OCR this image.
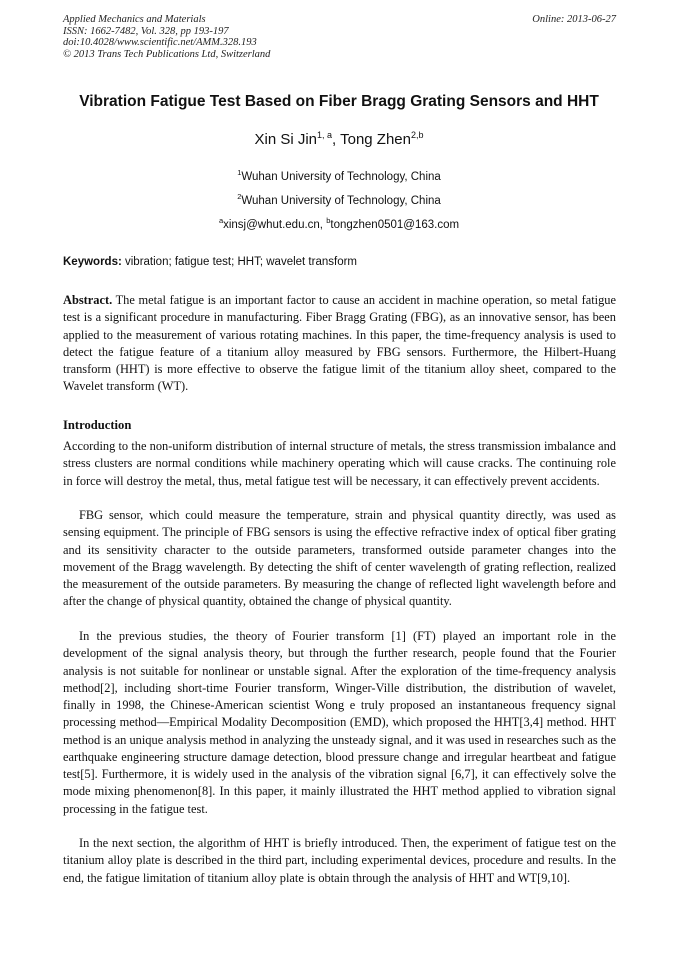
Applied Mechanics and Materials
ISSN: 1662-7482, Vol. 328, pp 193-197
doi:10.4028/www.scientific.net/AMM.328.193
© 2013 Trans Tech Publications Ltd, Switzerland
Online: 2013-06-27
Vibration Fatigue Test Based on Fiber Bragg Grating Sensors and HHT
Xin Si Jin$^{1, a}$, Tong Zhen$^{2,b}$
$^1$Wuhan University of Technology, China
$^2$Wuhan University of Technology, China
$^a$xinsj@whut.edu.cn, $^b$tongzhen0501@163.com
Keywords: vibration; fatigue test; HHT; wavelet transform

Abstract. The metal fatigue is an important factor to cause an accident in machine operation, so metal fatigue test is a significant procedure in manufacturing. Fiber Bragg Grating (FBG), as an innovative sensor, has been applied to the measurement of various rotating machines. In this paper, the time-frequency analysis is used to detect the fatigue feature of a titanium alloy measured by FBG sensors. Furthermore, the Hilbert-Huang transform (HHT) is more effective to observe the fatigue limit of the titanium alloy sheet, compared to the Wavelet transform (WT).

Introduction

According to the non-uniform distribution of internal structure of metals, the stress transmission imbalance and stress clusters are normal conditions while machinery operating which will cause cracks. The continuing role in force will destroy the metal, thus, metal fatigue test will be necessary, it can effectively prevent accidents.

FBG sensor, which could measure the temperature, strain and physical quantity directly, was used as sensing equipment. The principle of FBG sensors is using the effective refractive index of optical fiber grating and its sensitivity character to the outside parameters, transformed outside parameter changes into the movement of the Bragg wavelength. By detecting the shift of center wavelength of grating reflection, realized the measurement of the outside parameters. By measuring the change of reflected light wavelength before and after the change of physical quantity, obtained the change of physical quantity.

In the previous studies, the theory of Fourier transform [1] (FT) played an important role in the development of the signal analysis theory, but through the further research, people found that the Fourier analysis is not suitable for nonlinear or unstable signal. After the exploration of the time-frequency analysis method[2], including short-time Fourier transform, Winger-Ville distribution, the distribution of wavelet, finally in 1998, the Chinese-American scientist Wong e truly proposed an instantaneous frequency signal processing method—Empirical Modality Decomposition (EMD), which proposed the HHT[3,4] method. HHT method is an unique analysis method in analyzing the unsteady signal, and it was used in researches such as the earthquake engineering structure damage detection, blood pressure change and irregular heartbeat and fatigue test[5]. Furthermore, it is widely used in the analysis of the vibration signal [6,7], it can effectively solve the mode mixing phenomenon[8]. In this paper, it mainly illustrated the HHT method applied to vibration signal processing in the fatigue test.

In the next section, the algorithm of HHT is briefly introduced. Then, the experiment of fatigue test on the titanium alloy plate is described in the third part, including experimental devices, procedure and results. In the end, the fatigue limitation of titanium alloy plate is obtain through the analysis of HHT and WT[9,10].
